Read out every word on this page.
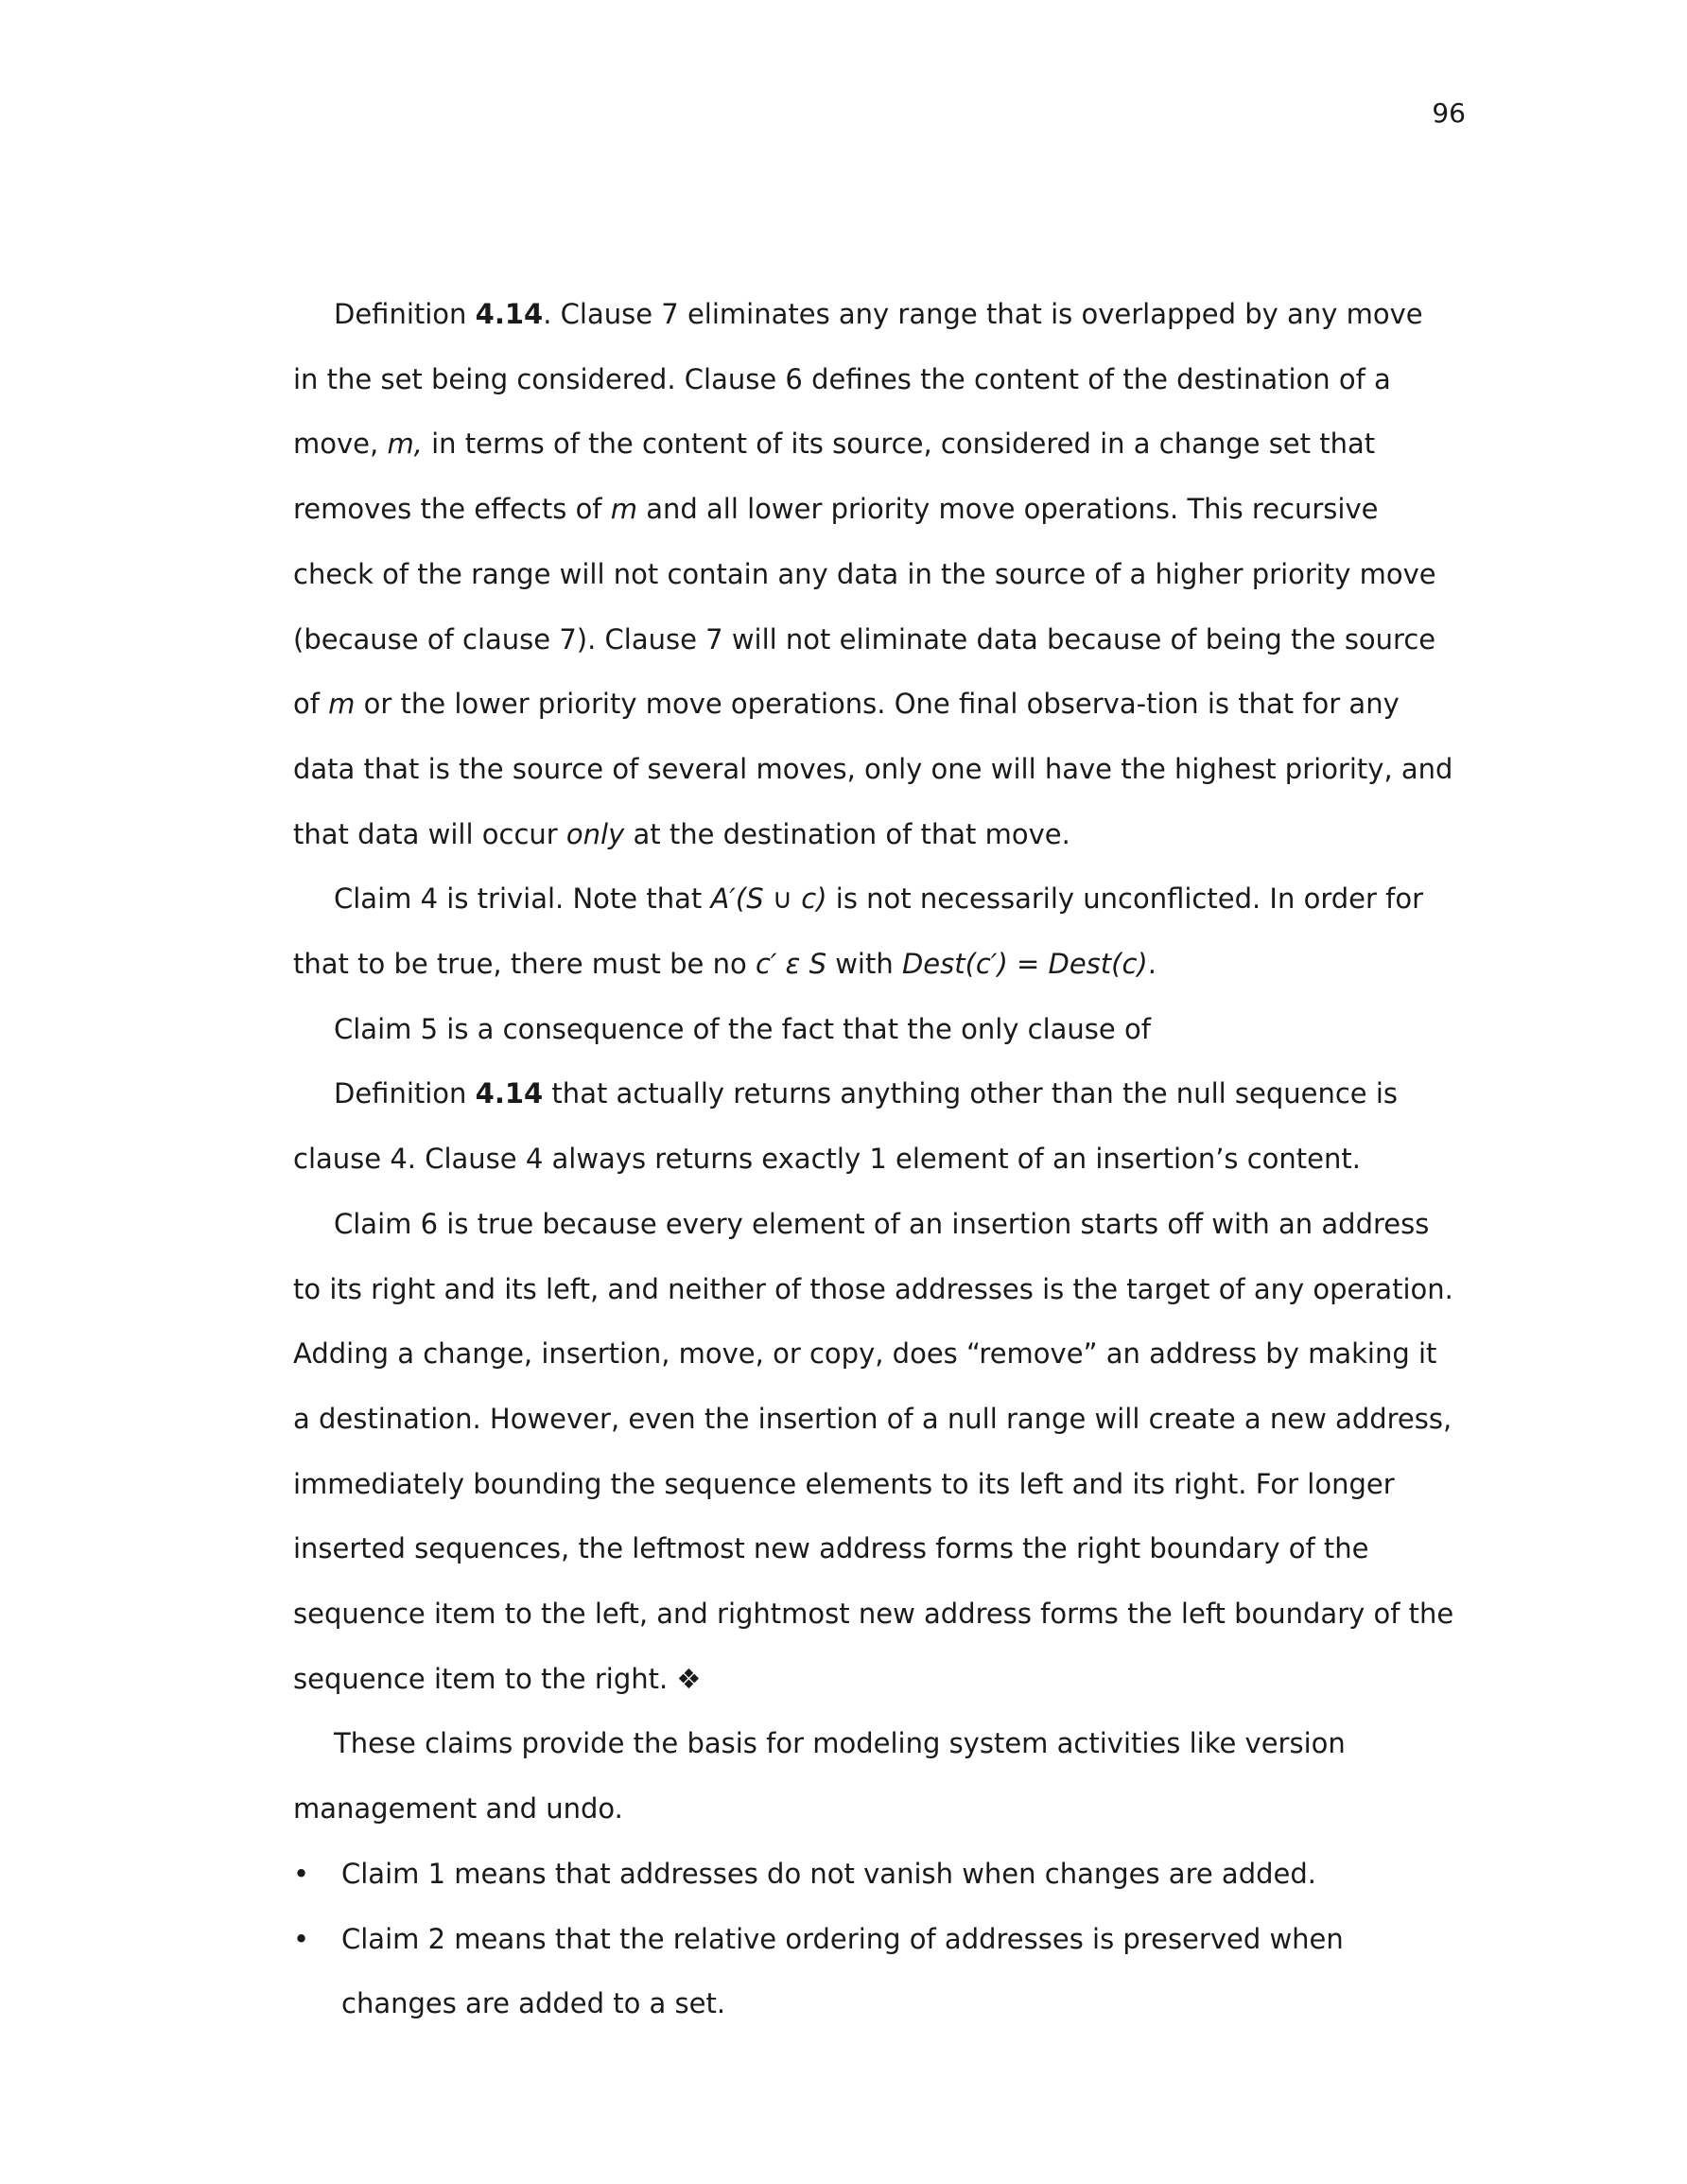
96

Definition 4.14. Clause 7 eliminates any range that is overlapped by any move in the set being considered. Clause 6 defines the content of the destination of a move, m, in terms of the content of its source, considered in a change set that removes the effects of m and all lower priority move operations. This recursive check of the range will not contain any data in the source of a higher priority move (because of clause 7). Clause 7 will not eliminate data because of being the source of m or the lower priority move operations. One final observa-tion is that for any data that is the source of several moves, only one will have the highest priority, and that data will occur only at the destination of that move.

Claim 4 is trivial. Note that A′(S ∪ c) is not necessarily unconflicted. In order for that to be true, there must be no c′ ε S with Dest(c′) = Dest(c).

Claim 5 is a consequence of the fact that the only clause of

Definition 4.14 that actually returns anything other than the null sequence is clause 4. Clause 4 always returns exactly 1 element of an insertion’s content.

Claim 6 is true because every element of an insertion starts off with an address to its right and its left, and neither of those addresses is the target of any operation. Adding a change, insertion, move, or copy, does “remove” an address by making it a destination. However, even the insertion of a null range will create a new address, immediately bounding the sequence elements to its left and its right. For longer inserted sequences, the leftmost new address forms the right boundary of the sequence item to the left, and rightmost new address forms the left boundary of the sequence item to the right. ❖

These claims provide the basis for modeling system activities like version management and undo.

• Claim 1 means that addresses do not vanish when changes are added.

• Claim 2 means that the relative ordering of addresses is preserved when changes are added to a set.
